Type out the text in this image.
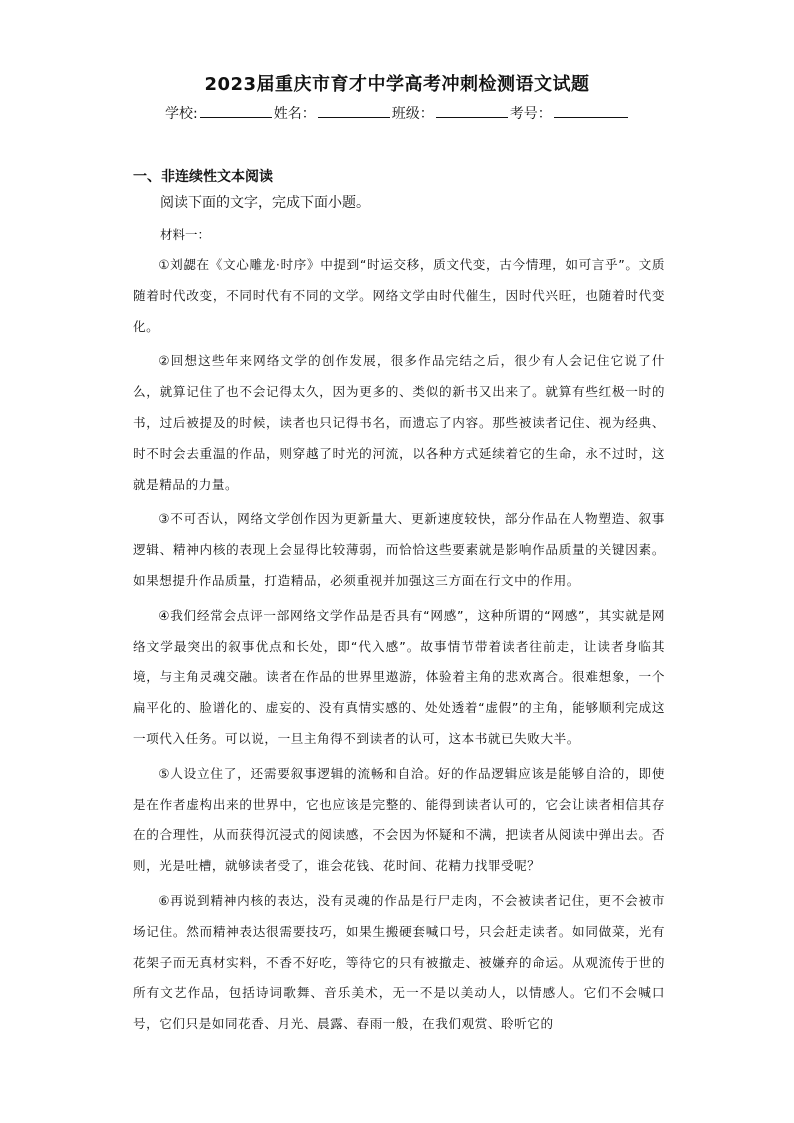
2023届重庆市育才中学高考冲刺检测语文试题
学校:	姓名：	班级：	考号：
一、非连续性文本阅读
阅读下面的文字，完成下面小题。
材料一：

①刘勰在《文心雕龙·时序》中提到“时运交移，质文代变，古今情理，如可言乎”。文质随着时代改变，不同时代有不同的文学。网络文学由时代催生，因时代兴旺，也随着时代变化。

②回想这些年来网络文学的创作发展，很多作品完结之后，很少有人会记住它说了什么，就算记住了也不会记得太久，因为更多的、类似的新书又出来了。就算有些红极一时的书，过后被提及的时候，读者也只记得书名，而遗忘了内容。那些被读者记住、视为经典、时不时会去重温的作品，则穿越了时光的河流，以各种方式延续着它的生命，永不过时，这就是精品的力量。

③不可否认，网络文学创作因为更新量大、更新速度较快，部分作品在人物塑造、叙事逻辑、精神内核的表现上会显得比较薄弱，而恰恰这些要素就是影响作品质量的关键因素。如果想提升作品质量，打造精品，必须重视并加强这三方面在行文中的作用。

④我们经常会点评一部网络文学作品是否具有“网感”，这种所谓的“网感”，其实就是网络文学最突出的叙事优点和长处，即“代入感”。故事情节带着读者往前走，让读者身临其境，与主角灵魂交融。读者在作品的世界里遨游，体验着主角的悲欢离合。很难想象，一个扁平化的、脸谱化的、虚妄的、没有真情实感的、处处透着“虚假”的主角，能够顺利完成这一项代入任务。可以说，一旦主角得不到读者的认可，这本书就已失败大半。

⑤人设立住了，还需要叙事逻辑的流畅和自洽。好的作品逻辑应该是能够自洽的，即使是在作者虚构出来的世界中，它也应该是完整的、能得到读者认可的，它会让读者相信其存在的合理性，从而获得沉浸式的阅读感，不会因为怀疑和不满，把读者从阅读中弹出去。否则，光是吐槽，就够读者受了，谁会花钱、花时间、花精力找罪受呢？

⑥再说到精神内核的表达，没有灵魂的作品是行尸走肉，不会被读者记住，更不会被市场记住。然而精神表达很需要技巧，如果生搬硬套喊口号，只会赶走读者。如同做菜，光有花架子而无真材实料，不香不好吃，等待它的只有被撤走、被嫌弃的命运。从观流传于世的所有文艺作品，包括诗词歌舞、音乐美术，无一不是以美动人，以情感人。它们不会喊口号，它们只是如同花香、月光、晨露、春雨一般，在我们观赏、聆听它的
